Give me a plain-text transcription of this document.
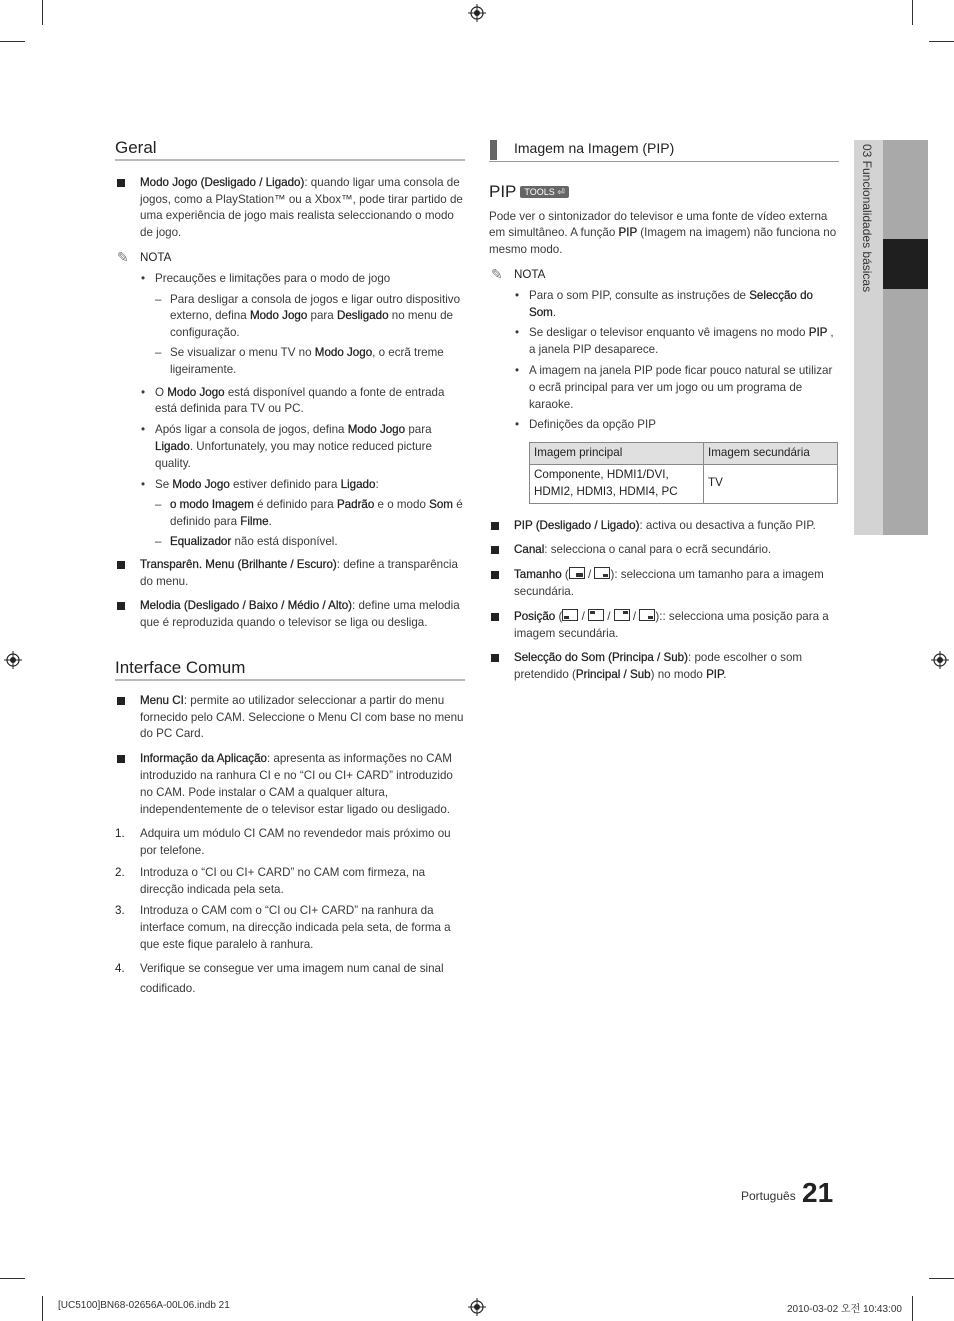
03 Funcionalidades básicas
Geral
Modo Jogo (Desligado / Ligado): quando ligar uma consola de jogos, como a PlayStation™ ou a Xbox™, pode tirar partido de uma experiência de jogo mais realista seleccionando o modo de jogo.
✎ NOTA
• Precauções e limitações para o modo de jogo
– Para desligar a consola de jogos e ligar outro dispositivo externo, defina Modo Jogo para Desligado no menu de configuração.
– Se visualizar o menu TV no Modo Jogo, o ecrã treme ligeiramente.
• O Modo Jogo está disponível quando a fonte de entrada está definida para TV ou PC.
• Após ligar a consola de jogos, defina Modo Jogo para Ligado. Unfortunately, you may notice reduced picture quality.
• Se Modo Jogo estiver definido para Ligado:
– o modo Imagem é definido para Padrão e o modo Som é definido para Filme.
– Equalizador não está disponível.
Transparên. Menu (Brilhante / Escuro): define a transparência do menu.
Melodia (Desligado / Baixo / Médio / Alto): define uma melodia que é reproduzida quando o televisor se liga ou desliga.
Interface Comum
Menu CI: permite ao utilizador seleccionar a partir do menu fornecido pelo CAM. Seleccione o Menu CI com base no menu do PC Card.
Informação da Aplicação: apresenta as informações no CAM introduzido na ranhura CI e no “CI ou CI+ CARD” introduzido no CAM. Pode instalar o CAM a qualquer altura, independentemente de o televisor estar ligado ou desligado.
1. Adquira um módulo CI CAM no revendedor mais próximo ou por telefone.
2. Introduza o “CI ou CI+ CARD” no CAM com firmeza, na direcção indicada pela seta.
3. Introduza o CAM com o “CI ou CI+ CARD” na ranhura da interface comum, na direcção indicada pela seta, de forma a que este fique paralelo à ranhura.
4. Verifique se consegue ver uma imagem num canal de sinal codificado.
Imagem na Imagem (PIP)
PIP TOOLS ⏎
Pode ver o sintonizador do televisor e uma fonte de vídeo externa em simultâneo. A função PIP (Imagem na imagem) não funciona no mesmo modo.
✎ NOTA
• Para o som PIP, consulte as instruções de Selecção do Som.
• Se desligar o televisor enquanto vê imagens no modo PIP , a janela PIP desaparece.
• A imagem na janela PIP pode ficar pouco natural se utilizar o ecrã principal para ver um jogo ou um programa de karaoke.
• Definições da opção PIP
Imagem principal	Imagem secundária
Componente, HDMI1/DVI, HDMI2, HDMI3, HDMI4, PC	TV
PIP (Desligado / Ligado): activa ou desactiva a função PIP.
Canal: selecciona o canal para o ecrã secundário.
Tamanho (
/
): selecciona um tamanho para a imagem secundária.
Posição (
/
/
/
):: selecciona uma posição para a imagem secundária.
Selecção do Som (Principa / Sub): pode escolher o som pretendido (Principal / Sub) no modo PIP.
Português 21
[UC5100]BN68-02656A-00L06.indb 21	2010-03-02 오전 10:43:00
